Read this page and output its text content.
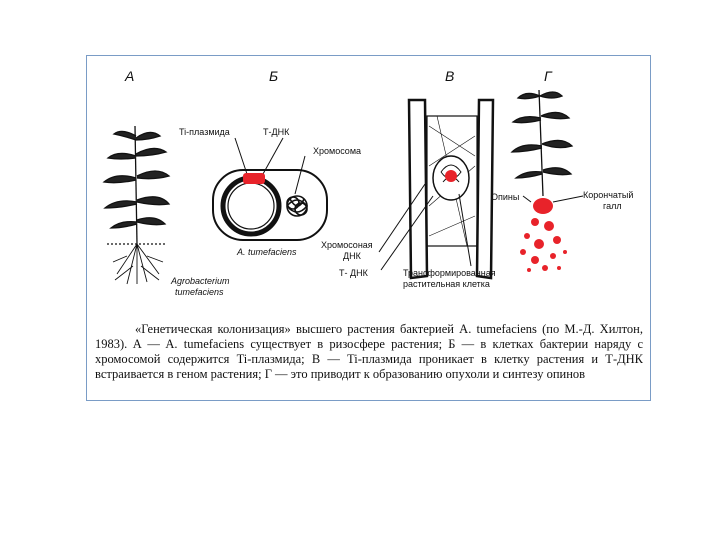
A	Б	В	Г
Ti-плазмида	Т-ДНК
Хромосома
A. tumefaciens
Хромосоная
ДНК
Т- ДНК	Трансформированная
растительная клетка
Agrobacterium
tumefaciens
Опины	Корончатый
галл

«Генетическая колонизация» высшего растения бактерией A. tumefaciens (по М.-Д. Хилтон, 1983). A — A. tumefaciens существует в ризосфере растения; Б — в клетках бактерии наряду с хромосомой содержится Ti-плазмида; В — Ti-плазмида проникает в клетку растения и Т-ДНК встраивается в геном растения; Г — это приводит к образованию опухоли и синтезу опинов
